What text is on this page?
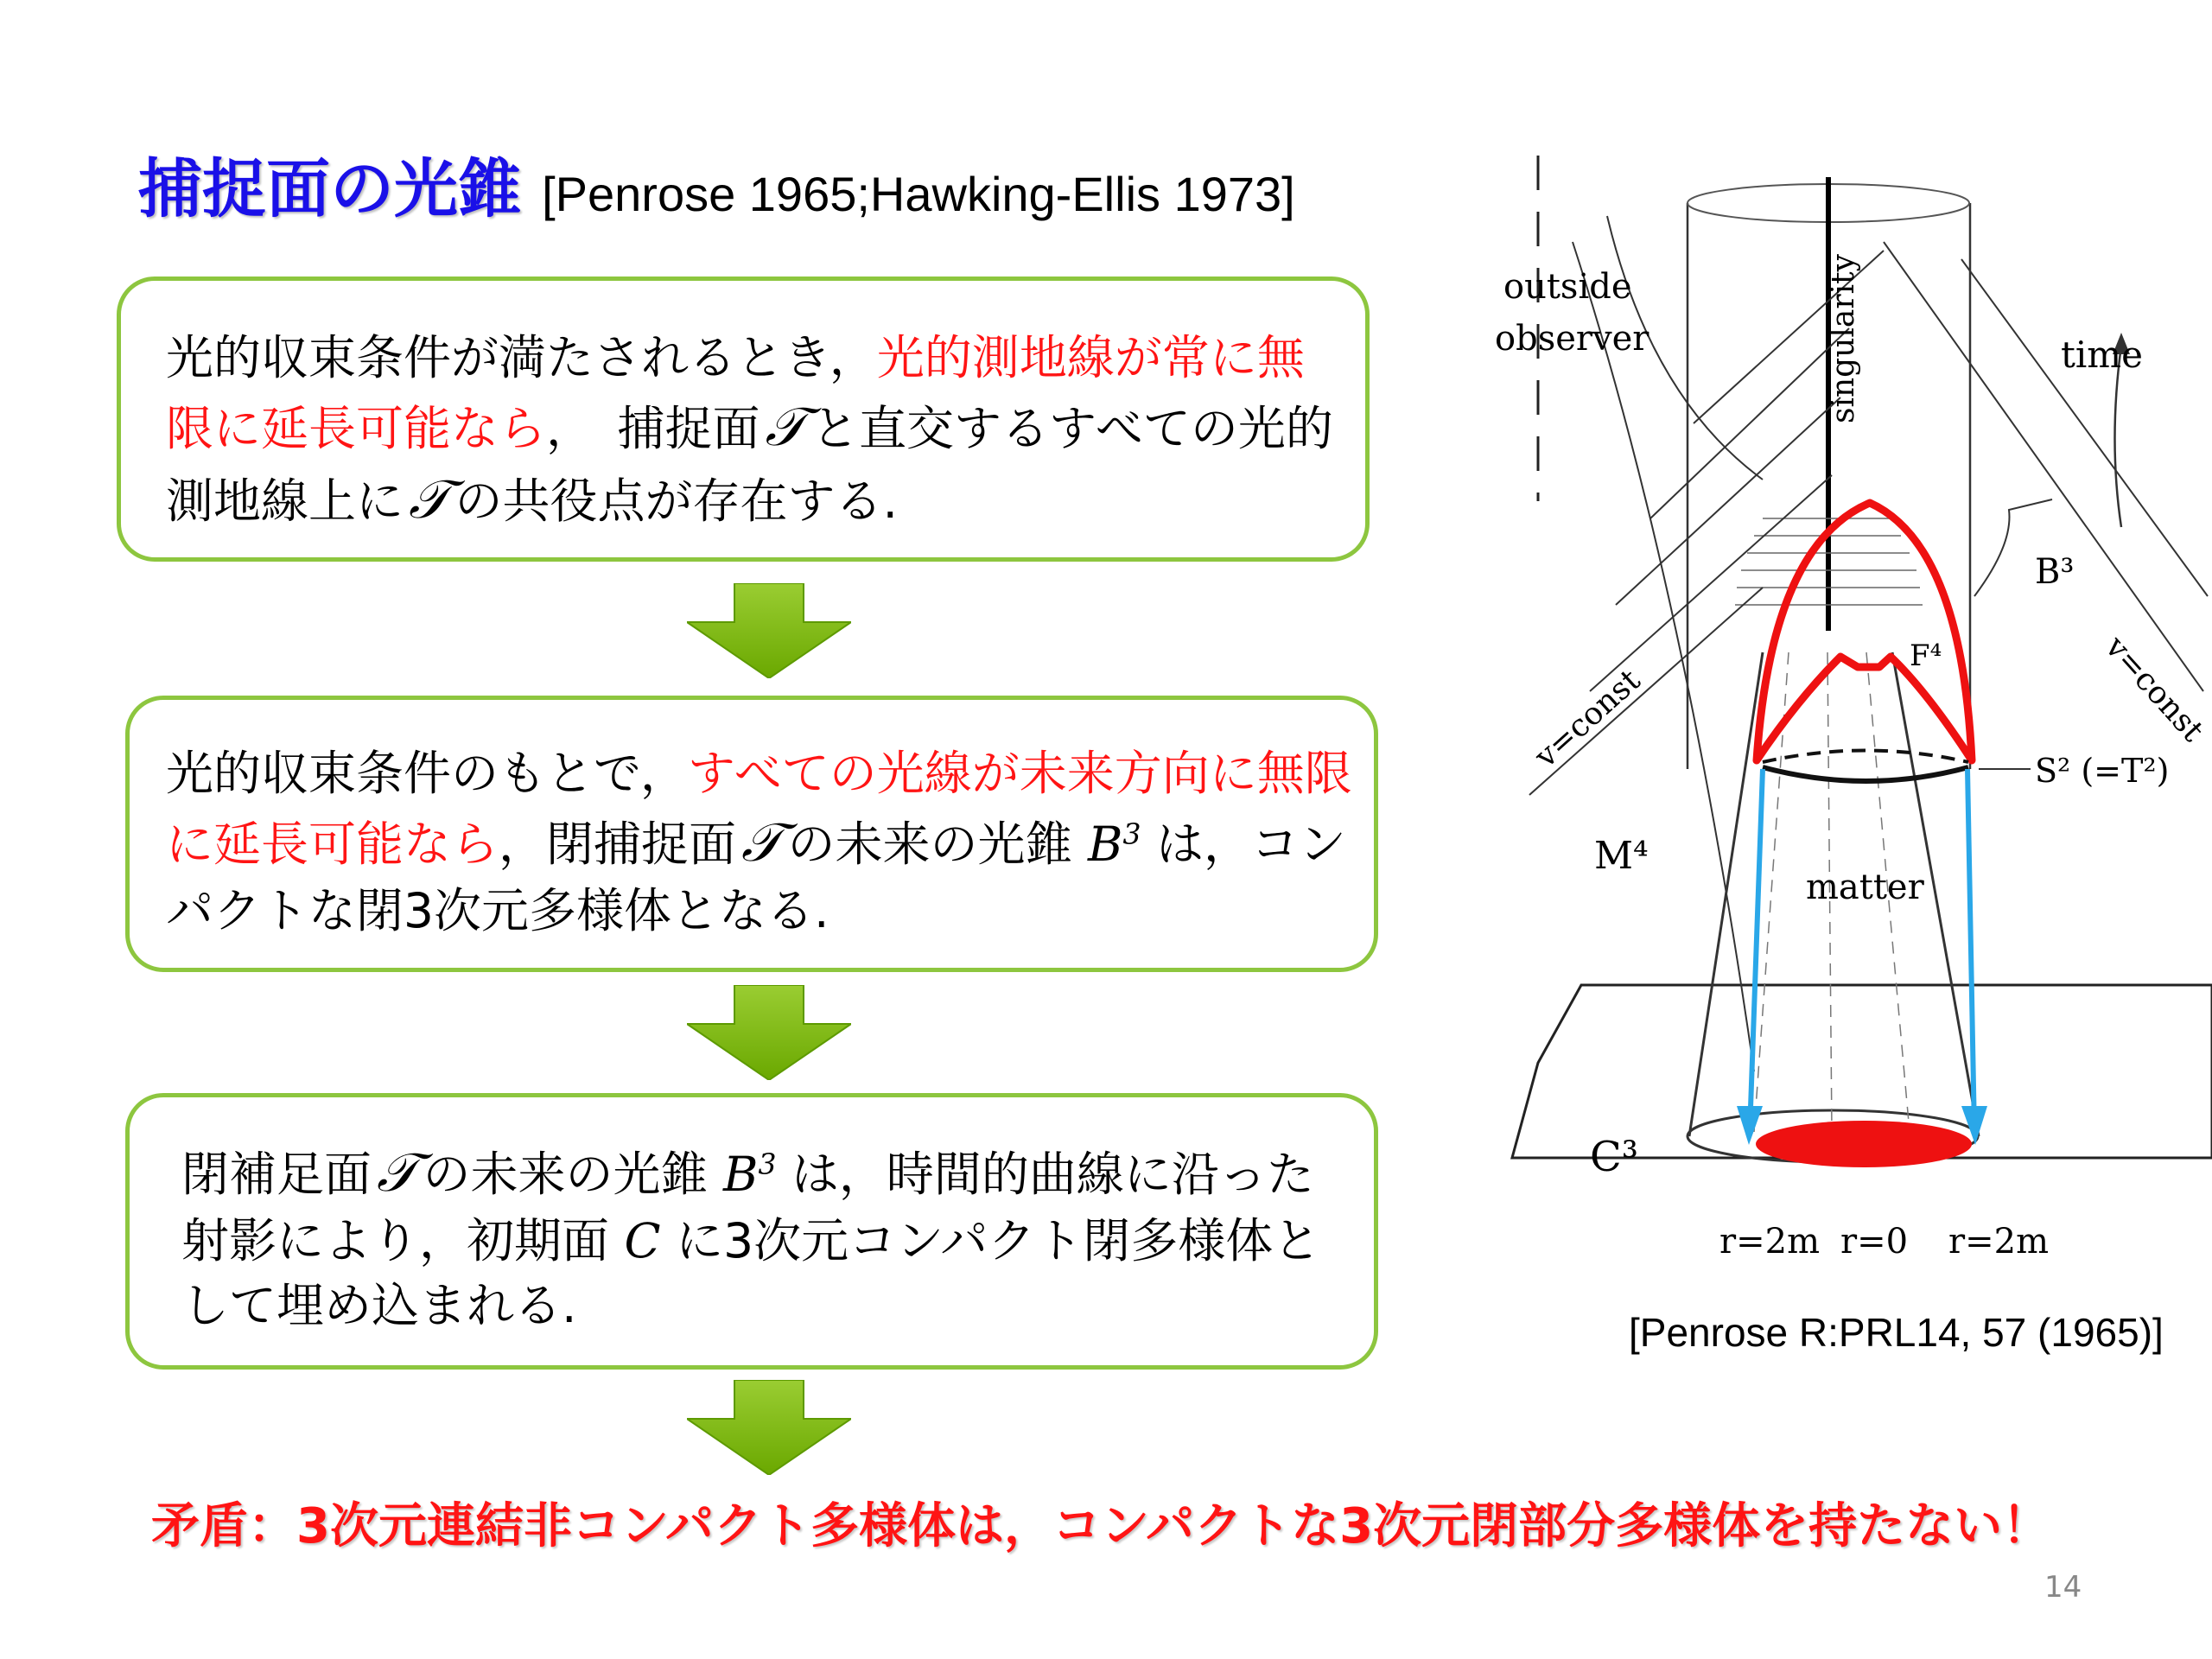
捕捉面の光錐 [Penrose 1965;Hawking-Ellis 1973]
光的収束条件が満たされるとき，光的測地線が常に無限に延長可能なら，　捕捉面𝒯 と直交するすべての光的測地線上に𝒯 の共役点が存在する.
光的収束条件のもとで，すべての光線が未来方向に無限に延長可能なら，閉捕捉面𝒯 の未来の光錐 $B^3$ は，コンパクトな閉3次元多様体となる.
閉補足面𝒯 の未来の光錐 $B^3$ は，時間的曲線に沿った射影により，初期面 C に3次元コンパクト閉多様体として埋め込まれる.
矛盾：3次元連結非コンパクト多様体は，コンパクトな3次元閉部分多様体を持たない！
14
outside
observer	singularity	time
B³
F⁴
S² (=T²)
v=const	v=const
M⁴
matter
C³
r=2m r=0 r=2m
[Penrose R:PRL14, 57 (1965)]
